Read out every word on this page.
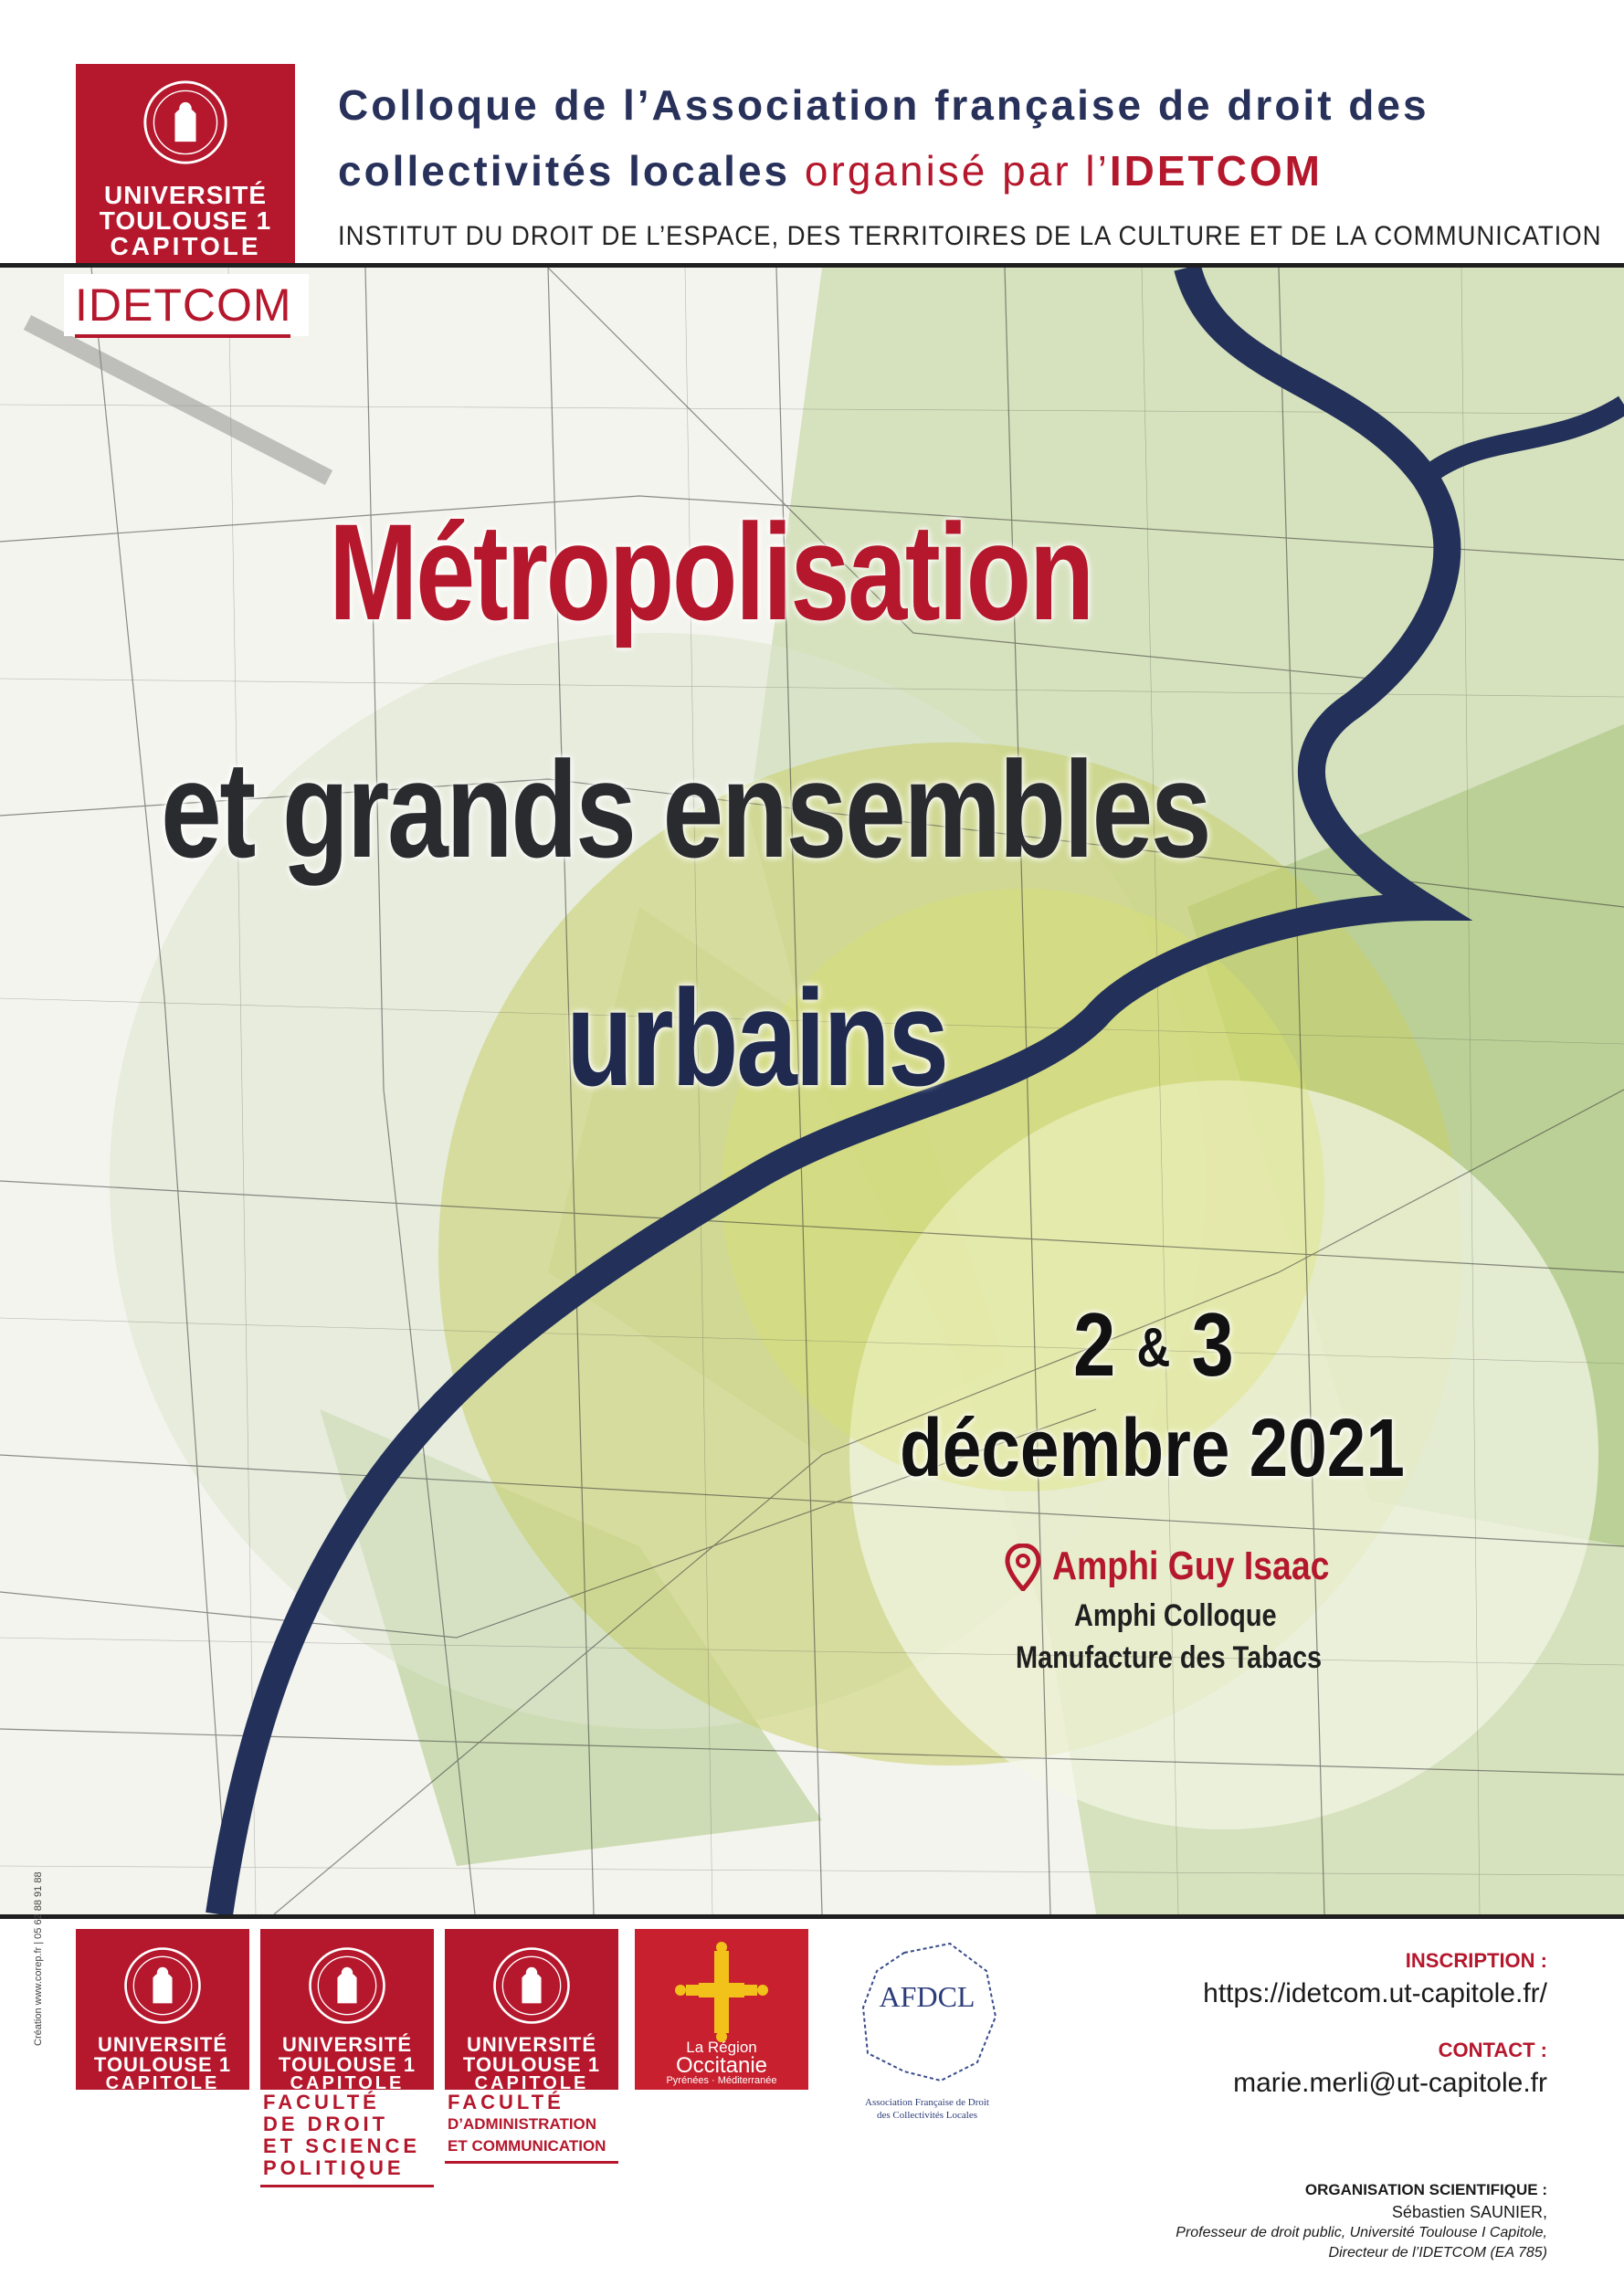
Colloque de l’Association française de droit des
collectivités locales organisé par l’IDETCOM
INSTITUT DU DROIT DE L’ESPACE, DES TERRITOIRES DE LA CULTURE ET DE LA COMMUNICATION
UNIVERSITÉ
TOULOUSE 1
CAPITOLE
IDETCOM
Métropolisation
et grands ensembles
urbains
2 & 3
décembre 2021
Amphi Guy Isaac
Amphi Colloque
Manufacture des Tabacs
Création www.corep.fr | 05 62 88 91 88	UNIVERSITÉ
TOULOUSE 1
CAPITOLE
UNIVERSITÉ
TOULOUSE 1
CAPITOLE
FACULTÉ
DE DROIT
ET SCIENCE
POLITIQUE
UNIVERSITÉ
TOULOUSE 1
CAPITOLE
FACULTÉ
D’ADMINISTRATION
ET COMMUNICATION
La Région
Occitanie
Pyrénées · Méditerranée
AFDCL
Association Française de Droit
des Collectivités Locales
INSCRIPTION :
https://idetcom.ut-capitole.fr/
CONTACT :
marie.merli@ut-capitole.fr
ORGANISATION SCIENTIFIQUE :
Sébastien SAUNIER,
Professeur de droit public, Université Toulouse I Capitole,
Directeur de l’IDETCOM (EA 785)
